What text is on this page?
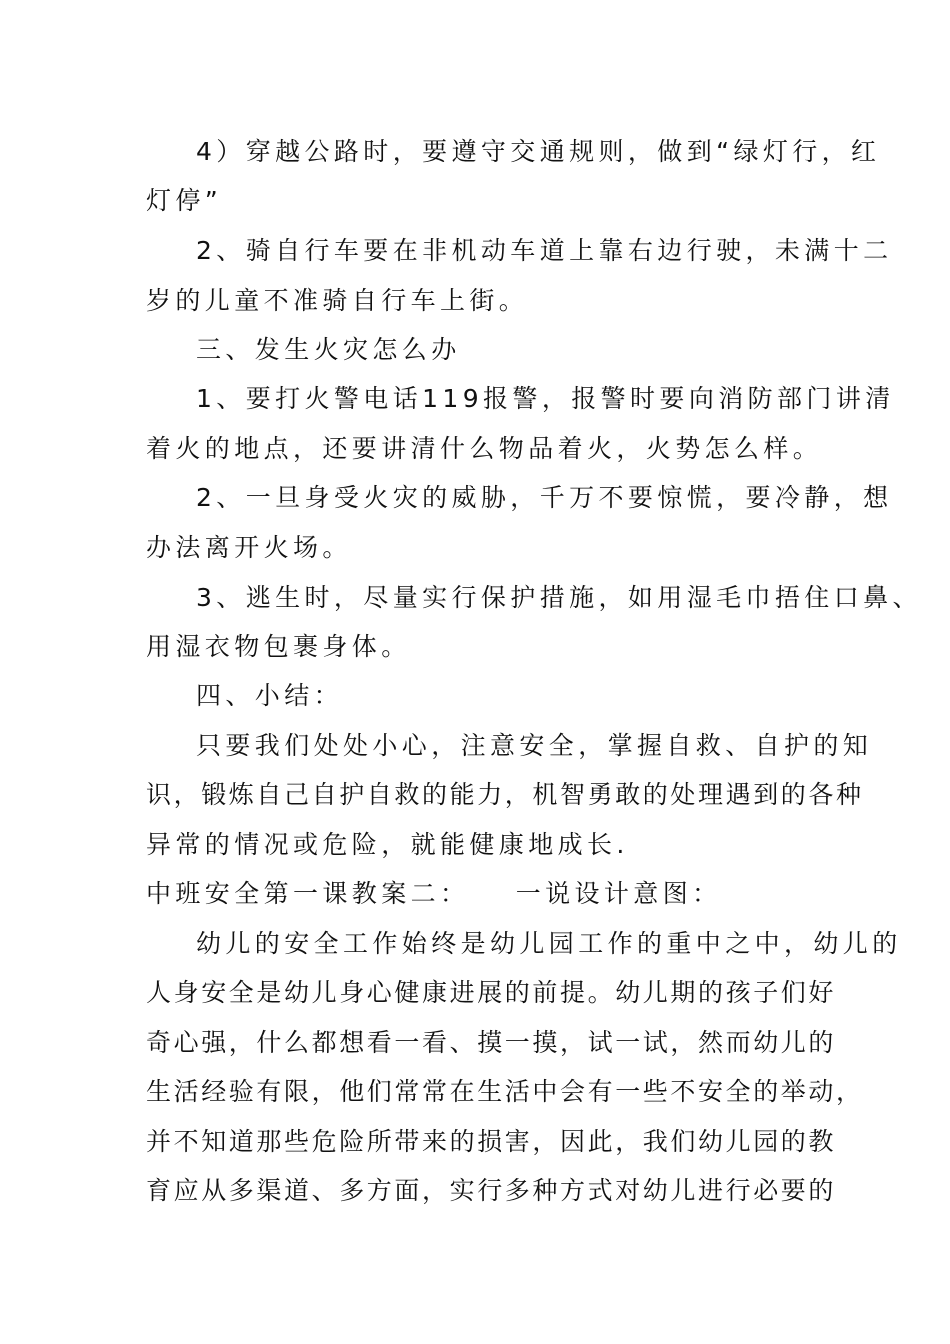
4）穿越公路时，要遵守交通规则，做到“绿灯行，红
灯停”
2、骑自行车要在非机动车道上靠右边行驶，未满十二
岁的儿童不准骑自行车上街。
三、发生火灾怎么办
1、要打火警电话119报警，报警时要向消防部门讲清
着火的地点，还要讲清什么物品着火，火势怎么样。
2、一旦身受火灾的威胁，千万不要惊慌，要冷静，想
办法离开火场。
3、逃生时，尽量实行保护措施，如用湿毛巾捂住口鼻、
用湿衣物包裹身体。
四、小结：
只要我们处处小心，注意安全，掌握自救、自护的知
识，锻炼自己自护自救的能力，机智勇敢的处理遇到的各种
异常的情况或危险，就能健康地成长.
中班安全第一课教案二：　　一说设计意图：
幼儿的安全工作始终是幼儿园工作的重中之中，幼儿的
人身安全是幼儿身心健康进展的前提。幼儿期的孩子们好
奇心强，什么都想看一看、摸一摸，试一试，然而幼儿的
生活经验有限，他们常常在生活中会有一些不安全的举动，
并不知道那些危险所带来的损害，因此，我们幼儿园的教
育应从多渠道、多方面，实行多种方式对幼儿进行必要的
